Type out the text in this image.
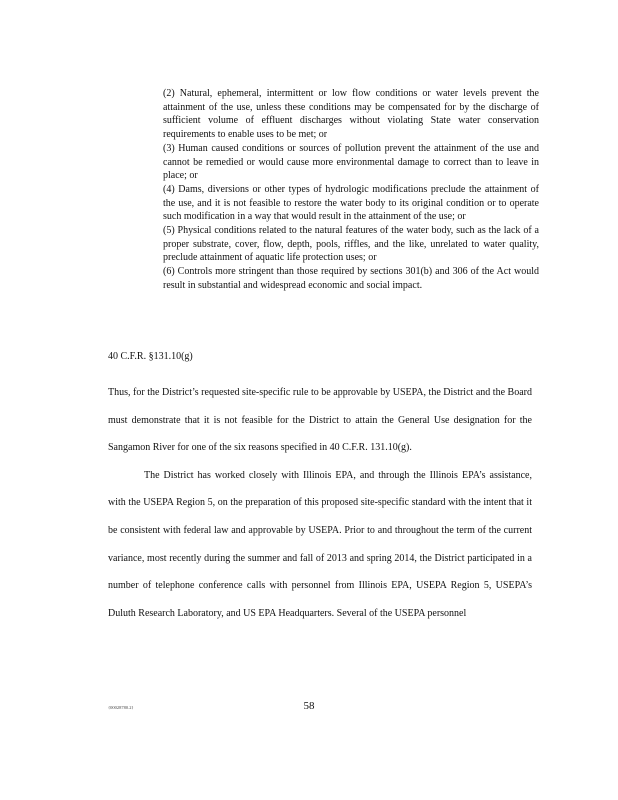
(2) Natural, ephemeral, intermittent or low flow conditions or water levels prevent the attainment of the use, unless these conditions may be compensated for by the discharge of sufficient volume of effluent discharges without violating State water conservation requirements to enable uses to be met; or

(3) Human caused conditions or sources of pollution prevent the attainment of the use and cannot be remedied or would cause more environmental damage to correct than to leave in place; or

(4) Dams, diversions or other types of hydrologic modifications preclude the attainment of the use, and it is not feasible to restore the water body to its original condition or to operate such modification in a way that would result in the attainment of the use; or

(5) Physical conditions related to the natural features of the water body, such as the lack of a proper substrate, cover, flow, depth, pools, riffles, and the like, unrelated to water quality, preclude attainment of aquatic life protection uses; or

(6) Controls more stringent than those required by sections 301(b) and 306 of the Act would result in substantial and widespread economic and social impact.

40 C.F.R. §131.10(g)

Thus, for the District’s requested site-specific rule to be approvable by USEPA, the District and the Board must demonstrate that it is not feasible for the District to attain the General Use designation for the Sangamon River for one of the six reasons specified in 40 C.F.R. 131.10(g).

The District has worked closely with Illinois EPA, and through the Illinois EPA’s assistance, with the USEPA Region 5, on the preparation of this proposed site-specific standard with the intent that it be consistent with federal law and approvable by USEPA. Prior to and throughout the term of the current variance, most recently during the summer and fall of 2013 and spring 2014, the District participated in a number of telephone conference calls with personnel from Illinois EPA, USEPA Region 5, USEPA’s Duluth Research Laboratory, and US EPA Headquarters. Several of the USEPA personnel

{00028780.2}	58
